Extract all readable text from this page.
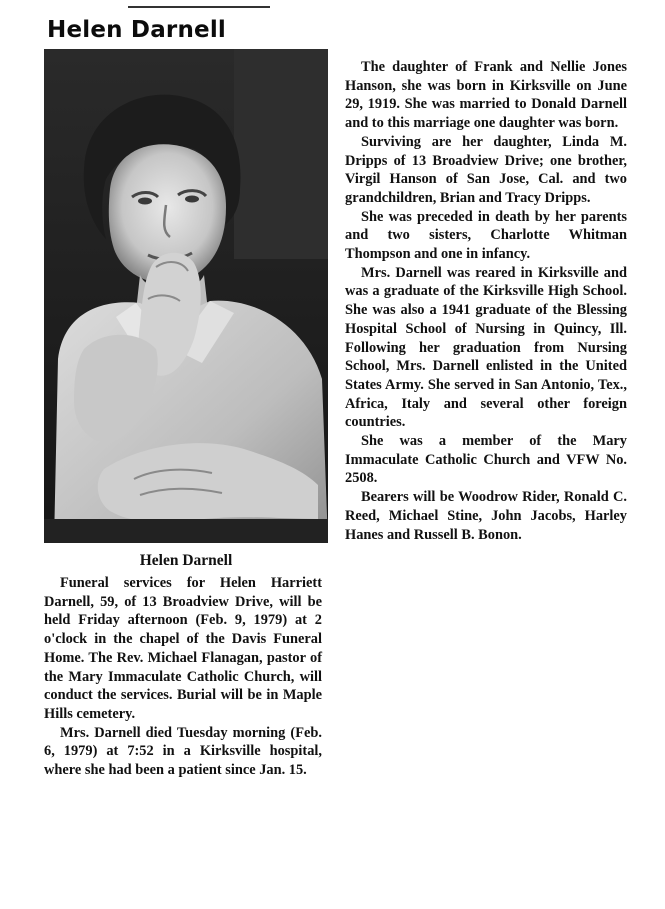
Helen Darnell
Helen Darnell

Funeral services for Helen Harriett Darnell, 59, of 13 Broadview Drive, will be held Friday afternoon (Feb. 9, 1979) at 2 o'clock in the chapel of the Davis Funeral Home. The Rev. Michael Flanagan, pastor of the Mary Immaculate Catholic Church, will conduct the services. Burial will be in Maple Hills cemetery.

Mrs. Darnell died Tuesday morning (Feb. 6, 1979) at 7:52 in a Kirksville hospital, where she had been a patient since Jan. 15.

The daughter of Frank and Nellie Jones Hanson, she was born in Kirksville on June 29, 1919. She was married to Donald Darnell and to this marriage one daughter was born.

Surviving are her daughter, Linda M. Dripps of 13 Broadview Drive; one brother, Virgil Hanson of San Jose, Cal. and two grandchildren, Brian and Tracy Dripps.

She was preceded in death by her parents and two sisters, Charlotte Whitman Thompson and one in infancy.

Mrs. Darnell was reared in Kirksville and was a graduate of the Kirksville High School. She was also a 1941 graduate of the Blessing Hospital School of Nursing in Quincy, Ill. Following her graduation from Nursing School, Mrs. Darnell enlisted in the United States Army. She served in San Antonio, Tex., Africa, Italy and several other foreign countries.

She was a member of the Mary Immaculate Catholic Church and VFW No. 2508.

Bearers will be Woodrow Rider, Ronald C. Reed, Michael Stine, John Jacobs, Harley Hanes and Russell B. Bonon.
